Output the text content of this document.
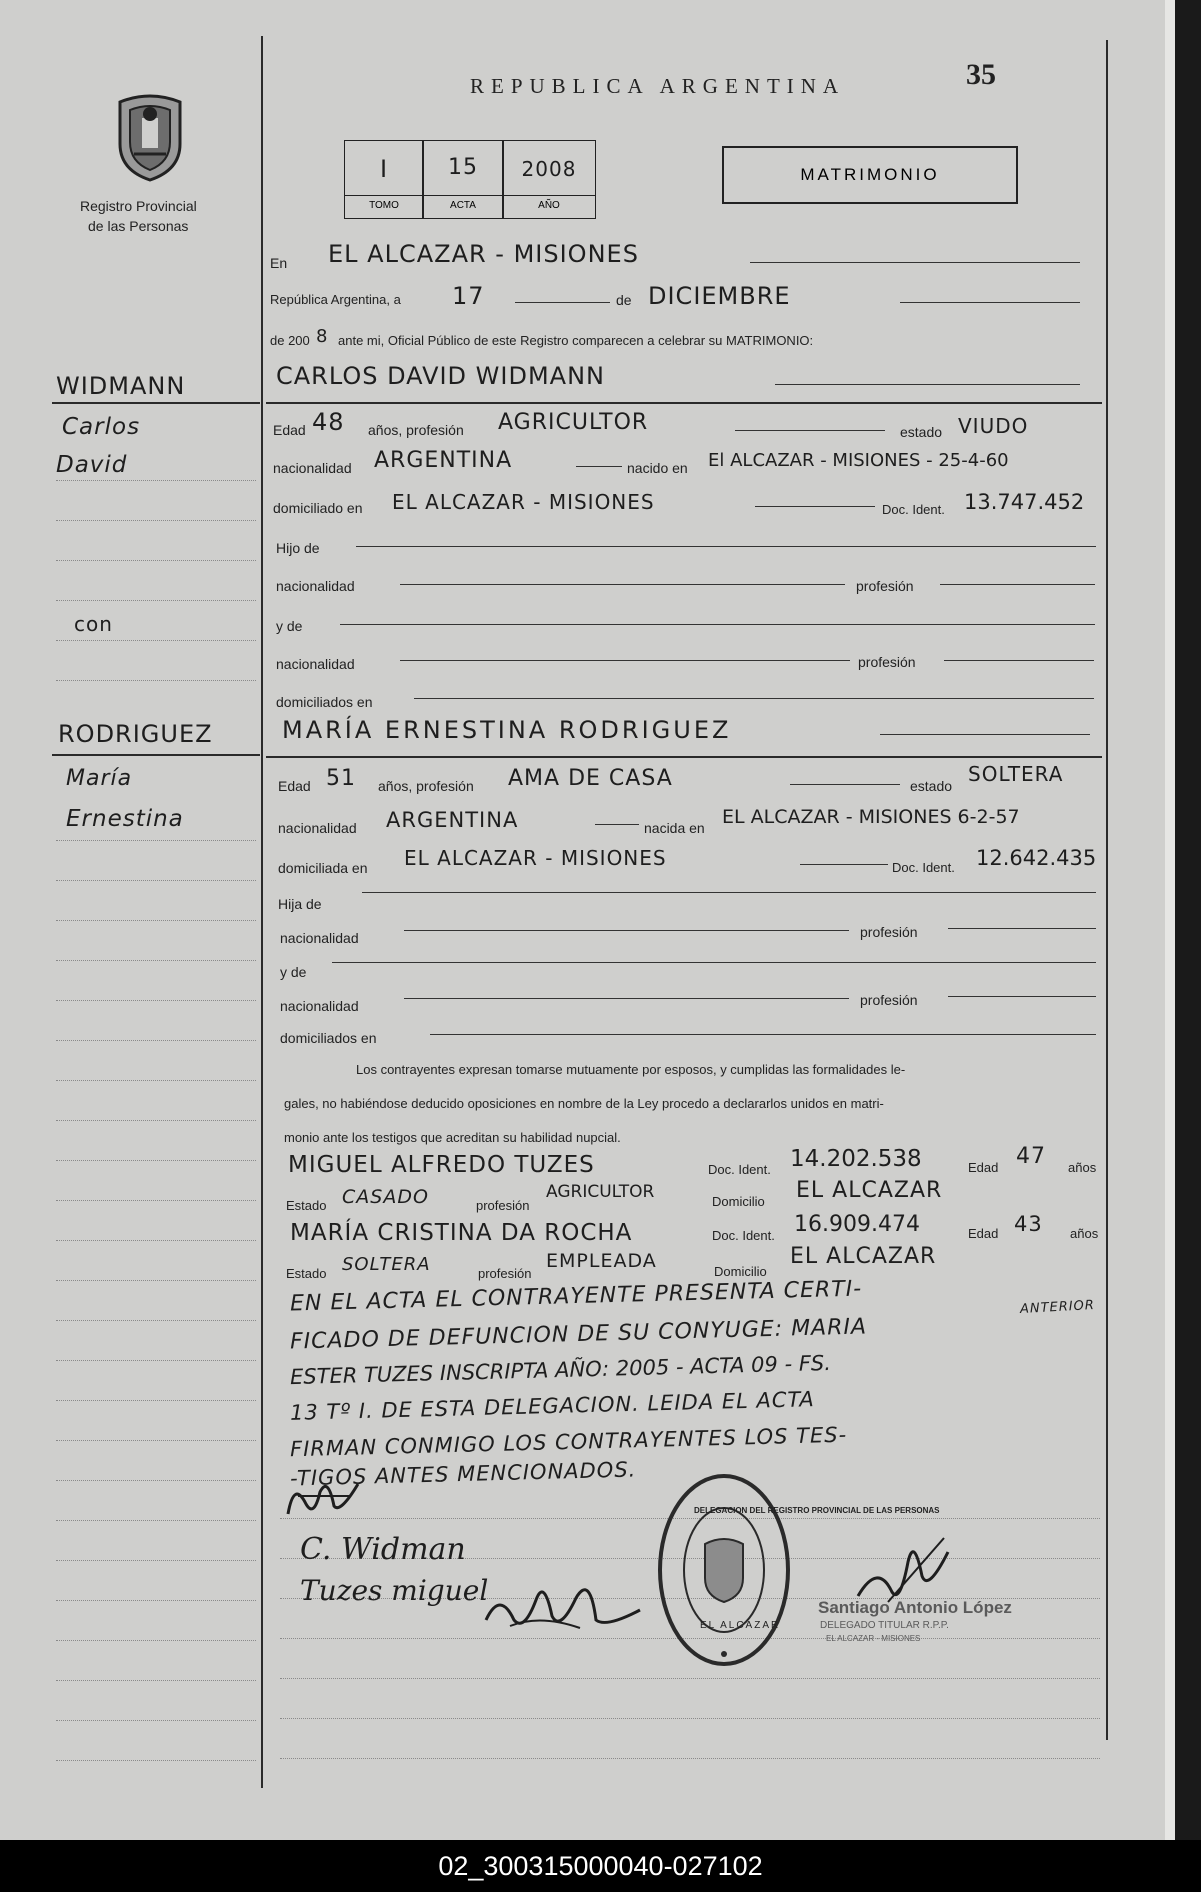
Registro Provincial
de las Personas
REPUBLICA ARGENTINA	35
I	15	2008
TOMO	ACTA	AÑO
MATRIMONIO
En EL ALCAZAR - MISIONES
República Argentina, a 17	de DICIEMBRE
de 200 8 ante mi, Oficial Público de este Registro comparecen a celebrar su MATRIMONIO:
WIDMANN
Carlos
David
con
RODRIGUEZ
María
Ernestina
CARLOS DAVID WIDMANN
Edad 48 años, profesión AGRICULTOR	estado VIUDO
nacionalidad ARGENTINA	nacido en El ALCAZAR - MISIONES - 25-4-60
domiciliado en EL ALCAZAR - MISIONES	Doc. Ident. 13.747.452
Hijo de
nacionalidad	profesión
y de
nacionalidad	profesión
domiciliados en
MARÍA ERNESTINA RODRIGUEZ
Edad 51 años, profesión AMA DE CASA	estado SOLTERA
nacionalidad ARGENTINA	nacida en EL ALCAZAR - MISIONES 6-2-57
domiciliada en EL ALCAZAR - MISIONES	Doc. Ident. 12.642.435
Hija de
nacionalidad	profesión
y de
nacionalidad	profesión
domiciliados en
Los contrayentes expresan tomarse mutuamente por esposos, y cumplidas las formalidades le-
gales, no habiéndose deducido oposiciones en nombre de la Ley procedo a declararlos unidos en matri-
monio ante los testigos que acreditan su habilidad nupcial.
MIGUEL ALFREDO TUZES	Doc. Ident. 14.202.538	Edad 47 años
Estado CASADO	profesión
AGRICULTOR	Domicilio EL ALCAZAR
MARÍA CRISTINA DA ROCHA	Doc. Ident. 16.909.474	Edad 43 años
Estado SOLTERA	profesión
EMPLEADA	Domicilio
EL ALCAZAR
EN EL ACTA EL CONTRAYENTE PRESENTA CERTI-	ANTERIOR
FICADO DE DEFUNCION DE SU CONYUGE: MARIA
ESTER TUZES INSCRIPTA AÑO: 2005 - ACTA 09 - FS.
13 Tº I. DE ESTA DELEGACION. LEIDA EL ACTA
FIRMAN CONMIGO LOS CONTRAYENTES LOS TES-
-TIGOS ANTES MENCIONADOS.
C. Widman
Tuzes miguel
DELEGACION DEL REGISTRO PROVINCIAL DE LAS PERSONAS
EL ALCAZAR
Santiago Antonio López
DELEGADO TITULAR R.P.P.
EL ALCAZAR - MISIONES
02_300315000040-027102
